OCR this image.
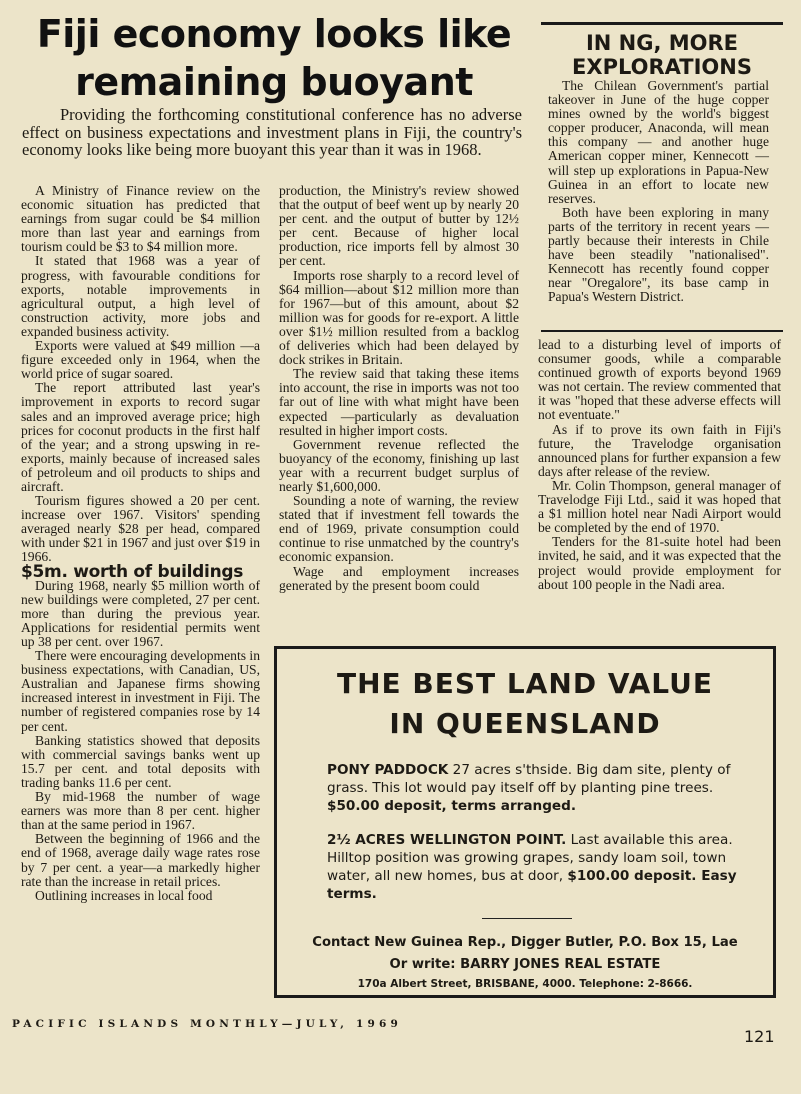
Fiji economy looks like
remaining buoyant
Providing the forthcoming constitutional conference has no adverse effect on business expectations and investment plans in Fiji, the country's economy looks like being more buoyant this year than it was in 1968.

A Ministry of Finance review on the economic situation has predicted that earnings from sugar could be $4 million more than last year and earnings from tourism could be $3 to $4 million more.

It stated that 1968 was a year of progress, with favourable conditions for exports, notable improvements in agricultural output, a high level of construction activity, more jobs and expanded business activity.

Exports were valued at $49 million —a figure exceeded only in 1964, when the world price of sugar soared.

The report attributed last year's improvement in exports to record sugar sales and an improved average price; high prices for coconut products in the first half of the year; and a strong upswing in re-exports, mainly because of increased sales of petroleum and oil products to ships and aircraft.

Tourism figures showed a 20 per cent. increase over 1967. Visitors' spending averaged nearly $28 per head, compared with under $21 in 1967 and just over $19 in 1966.

$5m. worth of buildings

During 1968, nearly $5 million worth of new buildings were completed, 27 per cent. more than during the previous year. Applications for residential permits went up 38 per cent. over 1967.

There were encouraging developments in business expectations, with Canadian, US, Australian and Japanese firms showing increased interest in investment in Fiji. The number of registered companies rose by 14 per cent.

Banking statistics showed that deposits with commercial savings banks went up 15.7 per cent. and total deposits with trading banks 11.6 per cent.

By mid-1968 the number of wage earners was more than 8 per cent. higher than at the same period in 1967.

Between the beginning of 1966 and the end of 1968, average daily wage rates rose by 7 per cent. a year—a markedly higher rate than the increase in retail prices.

Outlining increases in local food

production, the Ministry's review showed that the output of beef went up by nearly 20 per cent. and the output of butter by 12½ per cent. Because of higher local production, rice imports fell by almost 30 per cent.

Imports rose sharply to a record level of $64 million—about $12 million more than for 1967—but of this amount, about $2 million was for goods for re-export. A little over $1½ million resulted from a backlog of deliveries which had been delayed by dock strikes in Britain.

The review said that taking these items into account, the rise in imports was not too far out of line with what might have been expected —particularly as devaluation resulted in higher import costs.

Government revenue reflected the buoyancy of the economy, finishing up last year with a recurrent budget surplus of nearly $1,600,000.

Sounding a note of warning, the review stated that if investment fell towards the end of 1969, private consumption could continue to rise unmatched by the country's economic expansion.

Wage and employment increases generated by the present boom could

IN NG, MORE
EXPLORATIONS

The Chilean Government's partial takeover in June of the huge copper mines owned by the world's biggest copper producer, Anaconda, will mean this company — and another huge American copper miner, Kennecott — will step up explorations in Papua-New Guinea in an effort to locate new reserves.

Both have been exploring in many parts of the territory in recent years — partly because their interests in Chile have been steadily "nationalised". Kennecott has recently found copper near "Oregalore", its base camp in Papua's Western District.

lead to a disturbing level of imports of consumer goods, while a comparable continued growth of exports beyond 1969 was not certain. The review commented that it was "hoped that these adverse effects will not eventuate."

As if to prove its own faith in Fiji's future, the Travelodge organisation announced plans for further expansion a few days after release of the review.

Mr. Colin Thompson, general manager of Travelodge Fiji Ltd., said it was hoped that a $1 million hotel near Nadi Airport would be completed by the end of 1970.

Tenders for the 81-suite hotel had been invited, he said, and it was expected that the project would provide employment for about 100 people in the Nadi area.

THE BEST LAND VALUE
IN QUEENSLAND
PONY PADDOCK 27 acres s'thside. Big dam site, plenty of grass. This lot would pay itself off by planting pine trees. $50.00 deposit, terms arranged.
2½ ACRES WELLINGTON POINT. Last available this area. Hilltop position was growing grapes, sandy loam soil, town water, all new homes, bus at door, $100.00 deposit. Easy terms.
Contact New Guinea Rep., Digger Butler, P.O. Box 15, Lae
Or write: BARRY JONES REAL ESTATE
170a Albert Street, BRISBANE, 4000. Telephone: 2-8666.
PACIFIC ISLANDS MONTHLY—JULY, 1969
121
